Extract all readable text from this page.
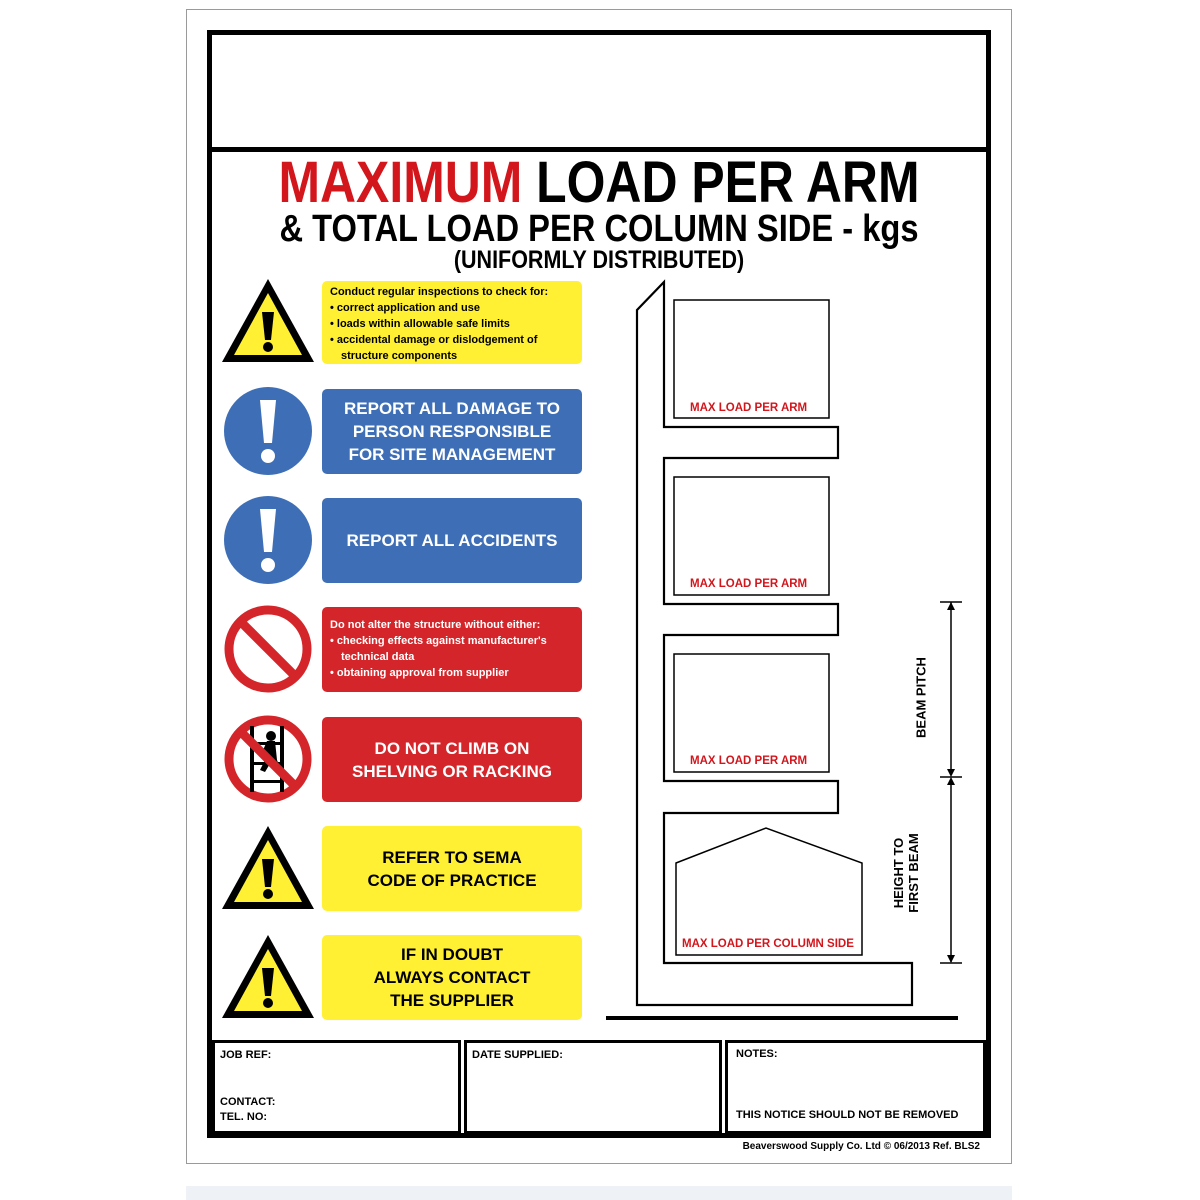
MAXIMUM LOAD PER ARM
& TOTAL LOAD PER COLUMN SIDE - kgs
(UNIFORMLY DISTRIBUTED)
Conduct regular inspections to check for:
• correct application and use
• loads within allowable safe limits
• accidental damage or dislodgement of
structure components
REPORT ALL DAMAGE TO
PERSON RESPONSIBLE
FOR SITE MANAGEMENT
REPORT ALL ACCIDENTS
Do not alter the structure without either:
• checking effects against manufacturer's
technical data
• obtaining approval from supplier
DO NOT CLIMB ON
SHELVING OR RACKING
REFER TO SEMA
CODE OF PRACTICE
IF IN DOUBT
ALWAYS CONTACT
THE SUPPLIER
MAX LOAD PER ARM
MAX LOAD PER ARM
MAX LOAD PER ARM
MAX LOAD PER COLUMN SIDE
BEAM PITCH
HEIGHT TO FIRST BEAM
JOB REF:
CONTACT:
TEL. NO:
DATE SUPPLIED:	NOTES:
THIS NOTICE SHOULD NOT BE REMOVED
Beaverswood Supply Co. Ltd © 06/2013 Ref. BLS2
